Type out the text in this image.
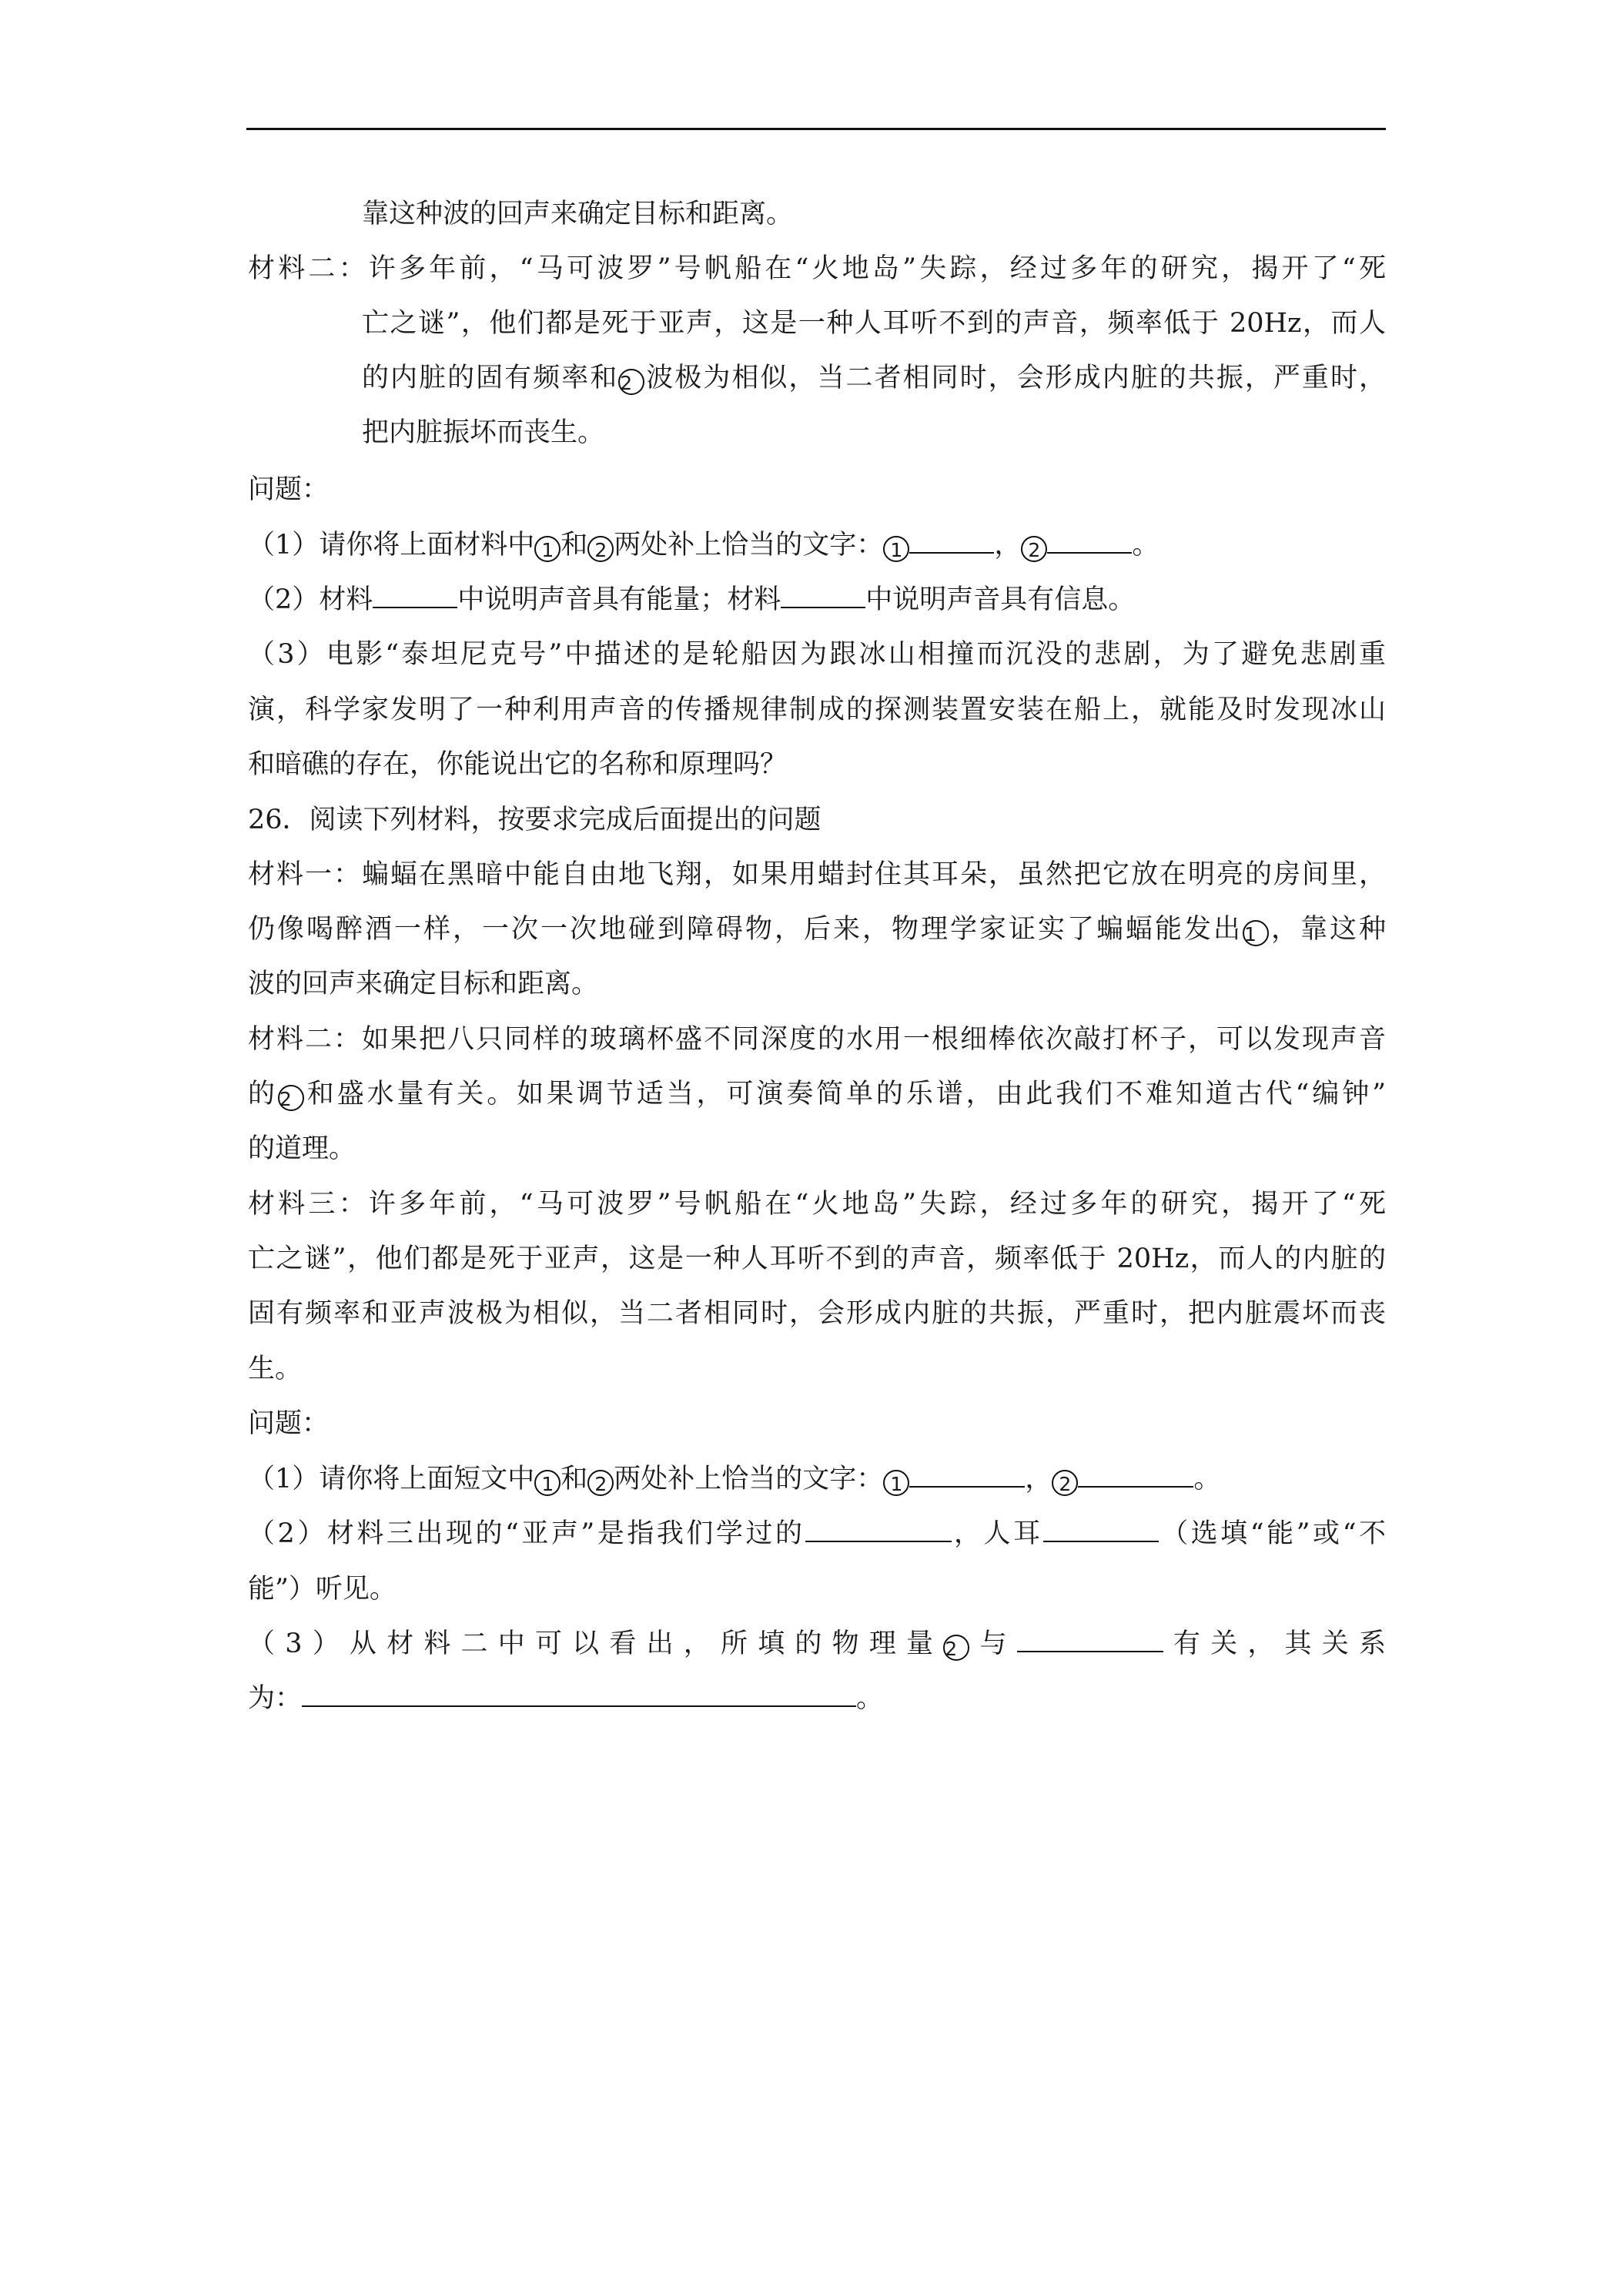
靠这种波的回声来确定目标和距离。
材料二：许多年前，“马可波罗”号帆船在“火地岛”失踪，经过多年的研究，揭开了“死
亡之谜”，他们都是死于亚声，这是一种人耳听不到的声音，频率低于 20Hz，而人
的内脏的固有频率和2 波极为相似，当二者相同时，会形成内脏的共振，严重时，
把内脏振坏而丧生。
问题：
（1）请你将上面材料中 1 和 2 两处补上恰当的文字： 1	， 2	。
（2）材料	中说明声音具有能量；材料	中说明声音具有信息。
（3）电影“泰坦尼克号”中描述的是轮船因为跟冰山相撞而沉没的悲剧，为了避免悲剧重
演，科学家发明了一种利用声音的传播规律制成的探测装置安装在船上，就能及时发现冰山
和暗礁的存在，你能说出它的名称和原理吗？
26．阅读下列材料，按要求完成后面提出的问题
材料一：蝙蝠在黑暗中能自由地飞翔，如果用蜡封住其耳朵，虽然把它放在明亮的房间里，
仍像喝醉酒一样，一次一次地碰到障碍物，后来，物理学家证实了蝙蝠能发出1 ，靠这种
波的回声来确定目标和距离。
材料二：如果把八只同样的玻璃杯盛不同深度的水用一根细棒依次敲打杯子，可以发现声音
的2 和盛水量有关。如果调节适当，可演奏简单的乐谱，由此我们不难知道古代“编钟”
的道理。
材料三：许多年前，“马可波罗”号帆船在“火地岛”失踪，经过多年的研究，揭开了“死
亡之谜”，他们都是死于亚声，这是一种人耳听不到的声音，频率低于 20Hz，而人的内脏的
固有频率和亚声波极为相似，当二者相同时，会形成内脏的共振，严重时，把内脏震坏而丧
生。
问题：
（1）请你将上面短文中 1 和 2 两处补上恰当的文字： 1	， 2	。
（2）材料三出现的“亚声”是指我们学过的	，人耳	（选填“能”或“不
能”）听见。
（3）从材料二中可以看出，所填的物理量2 与	有关，其关系
为：	。
